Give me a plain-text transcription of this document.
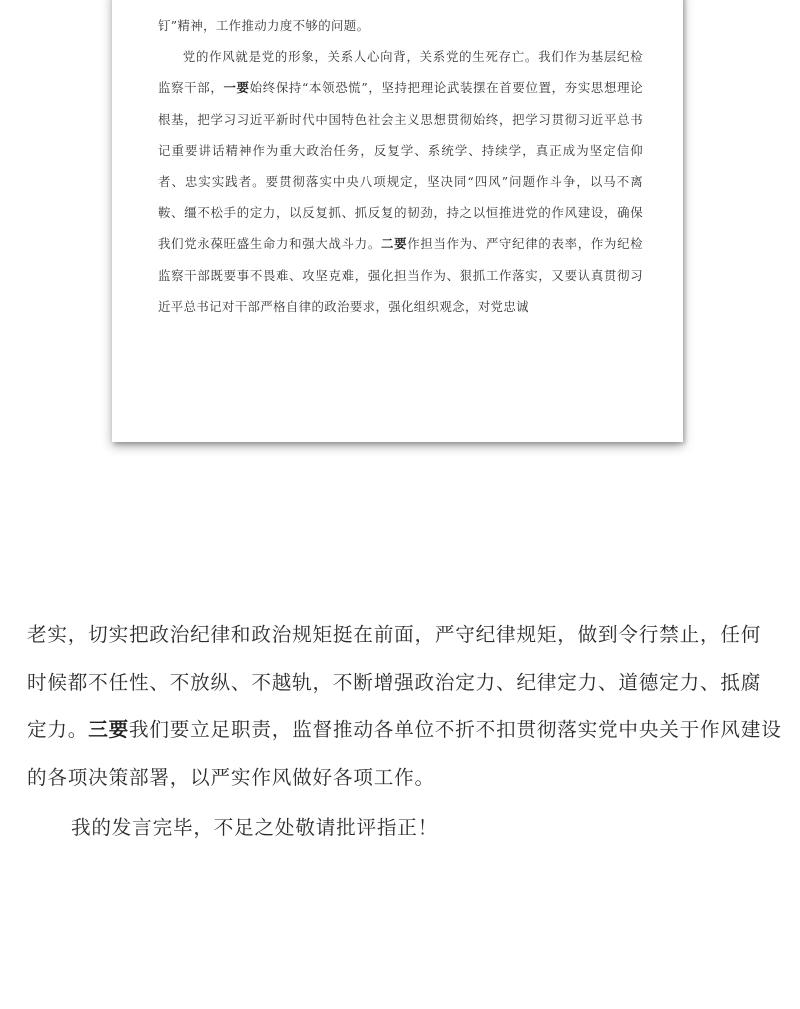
钉”精神，工作推动力度不够的问题。

党的作风就是党的形象，关系人心向背，关系党的生死存亡。我们作为基层纪检监察干部，一要始终保持“本领恐慌”，坚持把理论武装摆在首要位置，夯实思想理论根基，把学习习近平新时代中国特色社会主义思想贯彻始终，把学习贯彻习近平总书记重要讲话精神作为重大政治任务，反复学、系统学、持续学，真正成为坚定信仰者、忠实实践者。要贯彻落实中央八项规定，坚决同“四风”问题作斗争，以马不离鞍、缰不松手的定力，以反复抓、抓反复的韧劲，持之以恒推进党的作风建设，确保我们党永葆旺盛生命力和强大战斗力。二要作担当作为、严守纪律的表率，作为纪检监察干部既要事不畏难、攻坚克难，强化担当作为、狠抓工作落实，又要认真贯彻习近平总书记对干部严格自律的政治要求，强化组织观念，对党忠诚

老实，切实把政治纪律和政治规矩挺在前面，严守纪律规矩，做到令行禁止，任何
时候都不任性、不放纵、不越轨，不断增强政治定力、纪律定力、道德定力、抵腐
定力。三要我们要立足职责，监督推动各单位不折不扣贯彻落实党中央关于作风建设
的各项决策部署，以严实作风做好各项工作。

我的发言完毕，不足之处敬请批评指正！
